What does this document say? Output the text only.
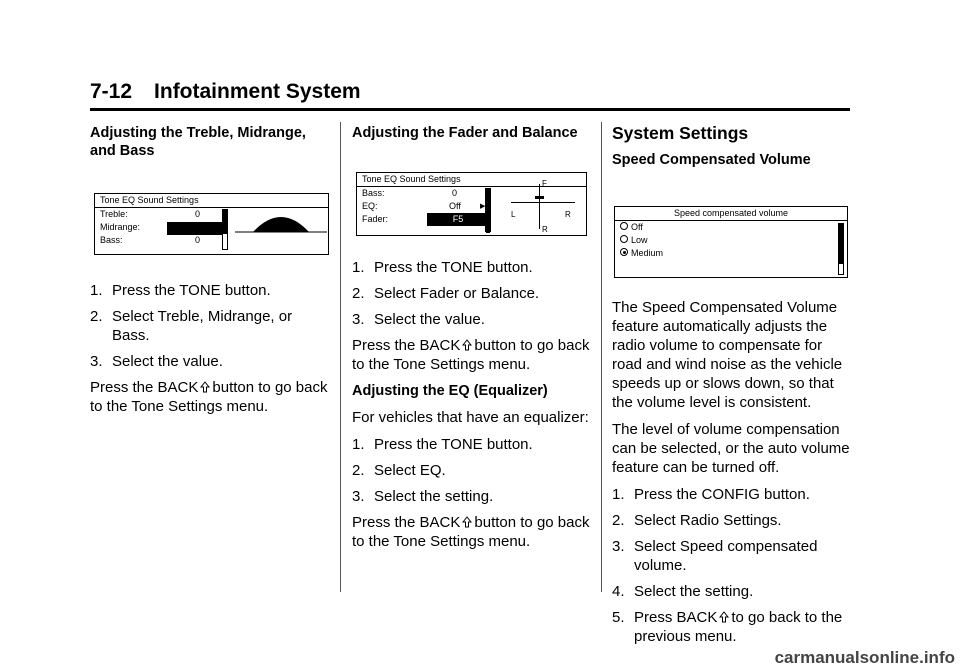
7-12 Infotainment System
Adjusting the Treble, Midrange, and Bass
Tone EQ Sound Settings
Treble:	0
Midrange:
Bass:	0
1. Press the TONE button.
2. Select Treble, Midrange, or Bass.
3. Select the value.

Press the BACK button to go back to the Tone Settings menu.

Adjusting the Fader and Balance
Tone EQ Sound Settings
Bass:	0
EQ:	Off	▶
Fader:	F5
F
R
L	R
1. Press the TONE button.
2. Select Fader or Balance.
3. Select the value.

Press the BACK button to go back to the Tone Settings menu.

Adjusting the EQ (Equalizer)

For vehicles that have an equalizer:

1. Press the TONE button.
2. Select EQ.
3. Select the setting.

Press the BACK button to go back to the Tone Settings menu.

System Settings
Speed Compensated Volume
Speed compensated volume
Off
Low
Medium

The Speed Compensated Volume feature automatically adjusts the radio volume to compensate for road and wind noise as the vehicle speeds up or slows down, so that the volume level is consistent.

The level of volume compensation can be selected, or the auto volume feature can be turned off.

1. Press the CONFIG button.
2. Select Radio Settings.
3. Select Speed compensated volume.
4. Select the setting.
5. Press BACK to go back to the previous menu.
carmanualsonline.info
